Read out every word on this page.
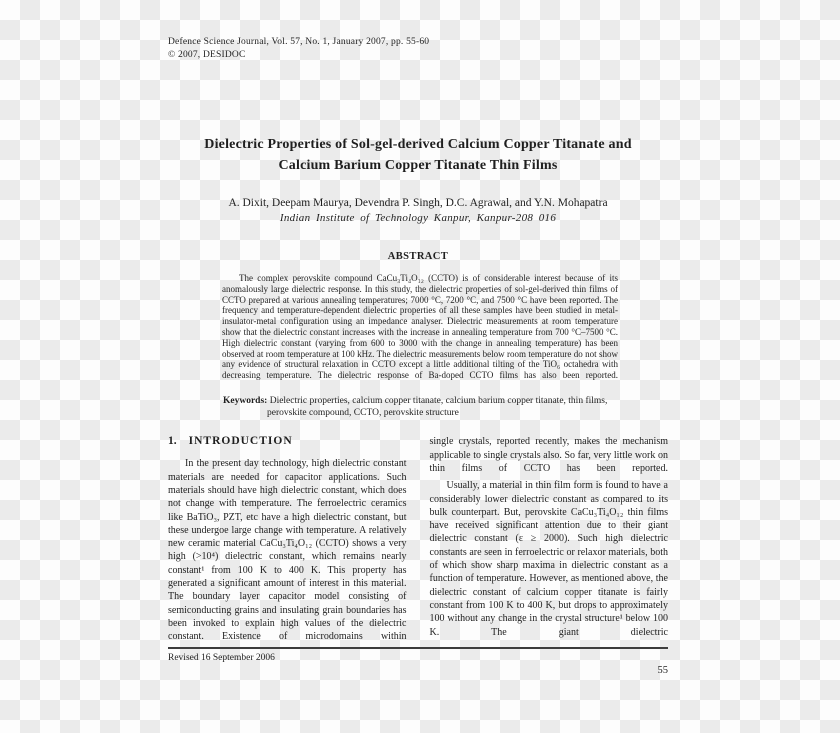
Defence Science Journal, Vol. 57, No. 1, January 2007, pp. 55-60
© 2007, DESIDOC
Dielectric Properties of Sol-gel-derived Calcium Copper Titanate and
Calcium Barium Copper Titanate Thin Films
A. Dixit, Deepam Maurya, Devendra P. Singh, D.C. Agrawal, and Y.N. Mohapatra
Indian Institute of Technology Kanpur, Kanpur-208 016
ABSTRACT
The complex perovskite compound CaCu₃Ti₄O₁₂ (CCTO) is of considerable interest because of its anomalously large dielectric response. In this study, the dielectric properties of sol-gel-derived thin films of CCTO prepared at various annealing temperatures; 7000 °C, 7200 °C, and 7500 °C have been reported. The frequency and temperature-dependent dielectric properties of all these samples have been studied in metal-insulator-metal configuration using an impedance analyser. Dielectric measurements at room temperature show that the dielectric constant increases with the increase in annealing temperature from 700 °C–7500 °C. High dielectric constant (varying from 600 to 3000 with the change in annealing temperature) has been observed at room temperature at 100 kHz. The dielectric measurements below room temperature do not show any evidence of structural relaxation in CCTO except a little additional tilting of the TiO₆ octahedra with decreasing temperature. The dielectric response of Ba-doped CCTO films has also been reported.
Keywords: Dielectric properties, calcium copper titanate, calcium barium copper titanate, thin films, perovskite compound, CCTO, perovskite structure
1. INTRODUCTION
In the present day technology, high dielectric constant materials are needed for capacitor applications. Such materials should have high dielectric constant, which does not change with temperature. The ferroelectric ceramics like BaTiO₃, PZT, etc have a high dielectric constant, but these undergoe large change with temperature. A relatively new ceramic material CaCu₃Ti₄O₁₂ (CCTO) shows a very high (>10⁴) dielectric constant, which remains nearly constant¹ from 100 K to 400 K. This property has generated a significant amount of interest in this material. The boundary layer capacitor model consisting of semiconducting grains and insulating grain boundaries has been invoked to explain high values of the dielectric constant. Existence of microdomains within
single crystals, reported recently, makes the mechanism applicable to single crystals also. So far, very little work on thin films of CCTO has been reported.
Usually, a material in thin film form is found to have a considerably lower dielectric constant as compared to its bulk counterpart. But, perovskite CaCu₃Ti₄O₁₂ thin films have received significant attention due to their giant dielectric constant (ε ≥ 2000). Such high dielectric constants are seen in ferroelectric or relaxor materials, both of which show sharp maxima in dielectric constant as a function of temperature. However, as mentioned above, the dielectric constant of calcium copper titanate is fairly constant from 100 K to 400 K, but drops to approximately 100 without any change in the crystal structure¹ below 100 K. The giant dielectric
Revised 16 September 2006
55
